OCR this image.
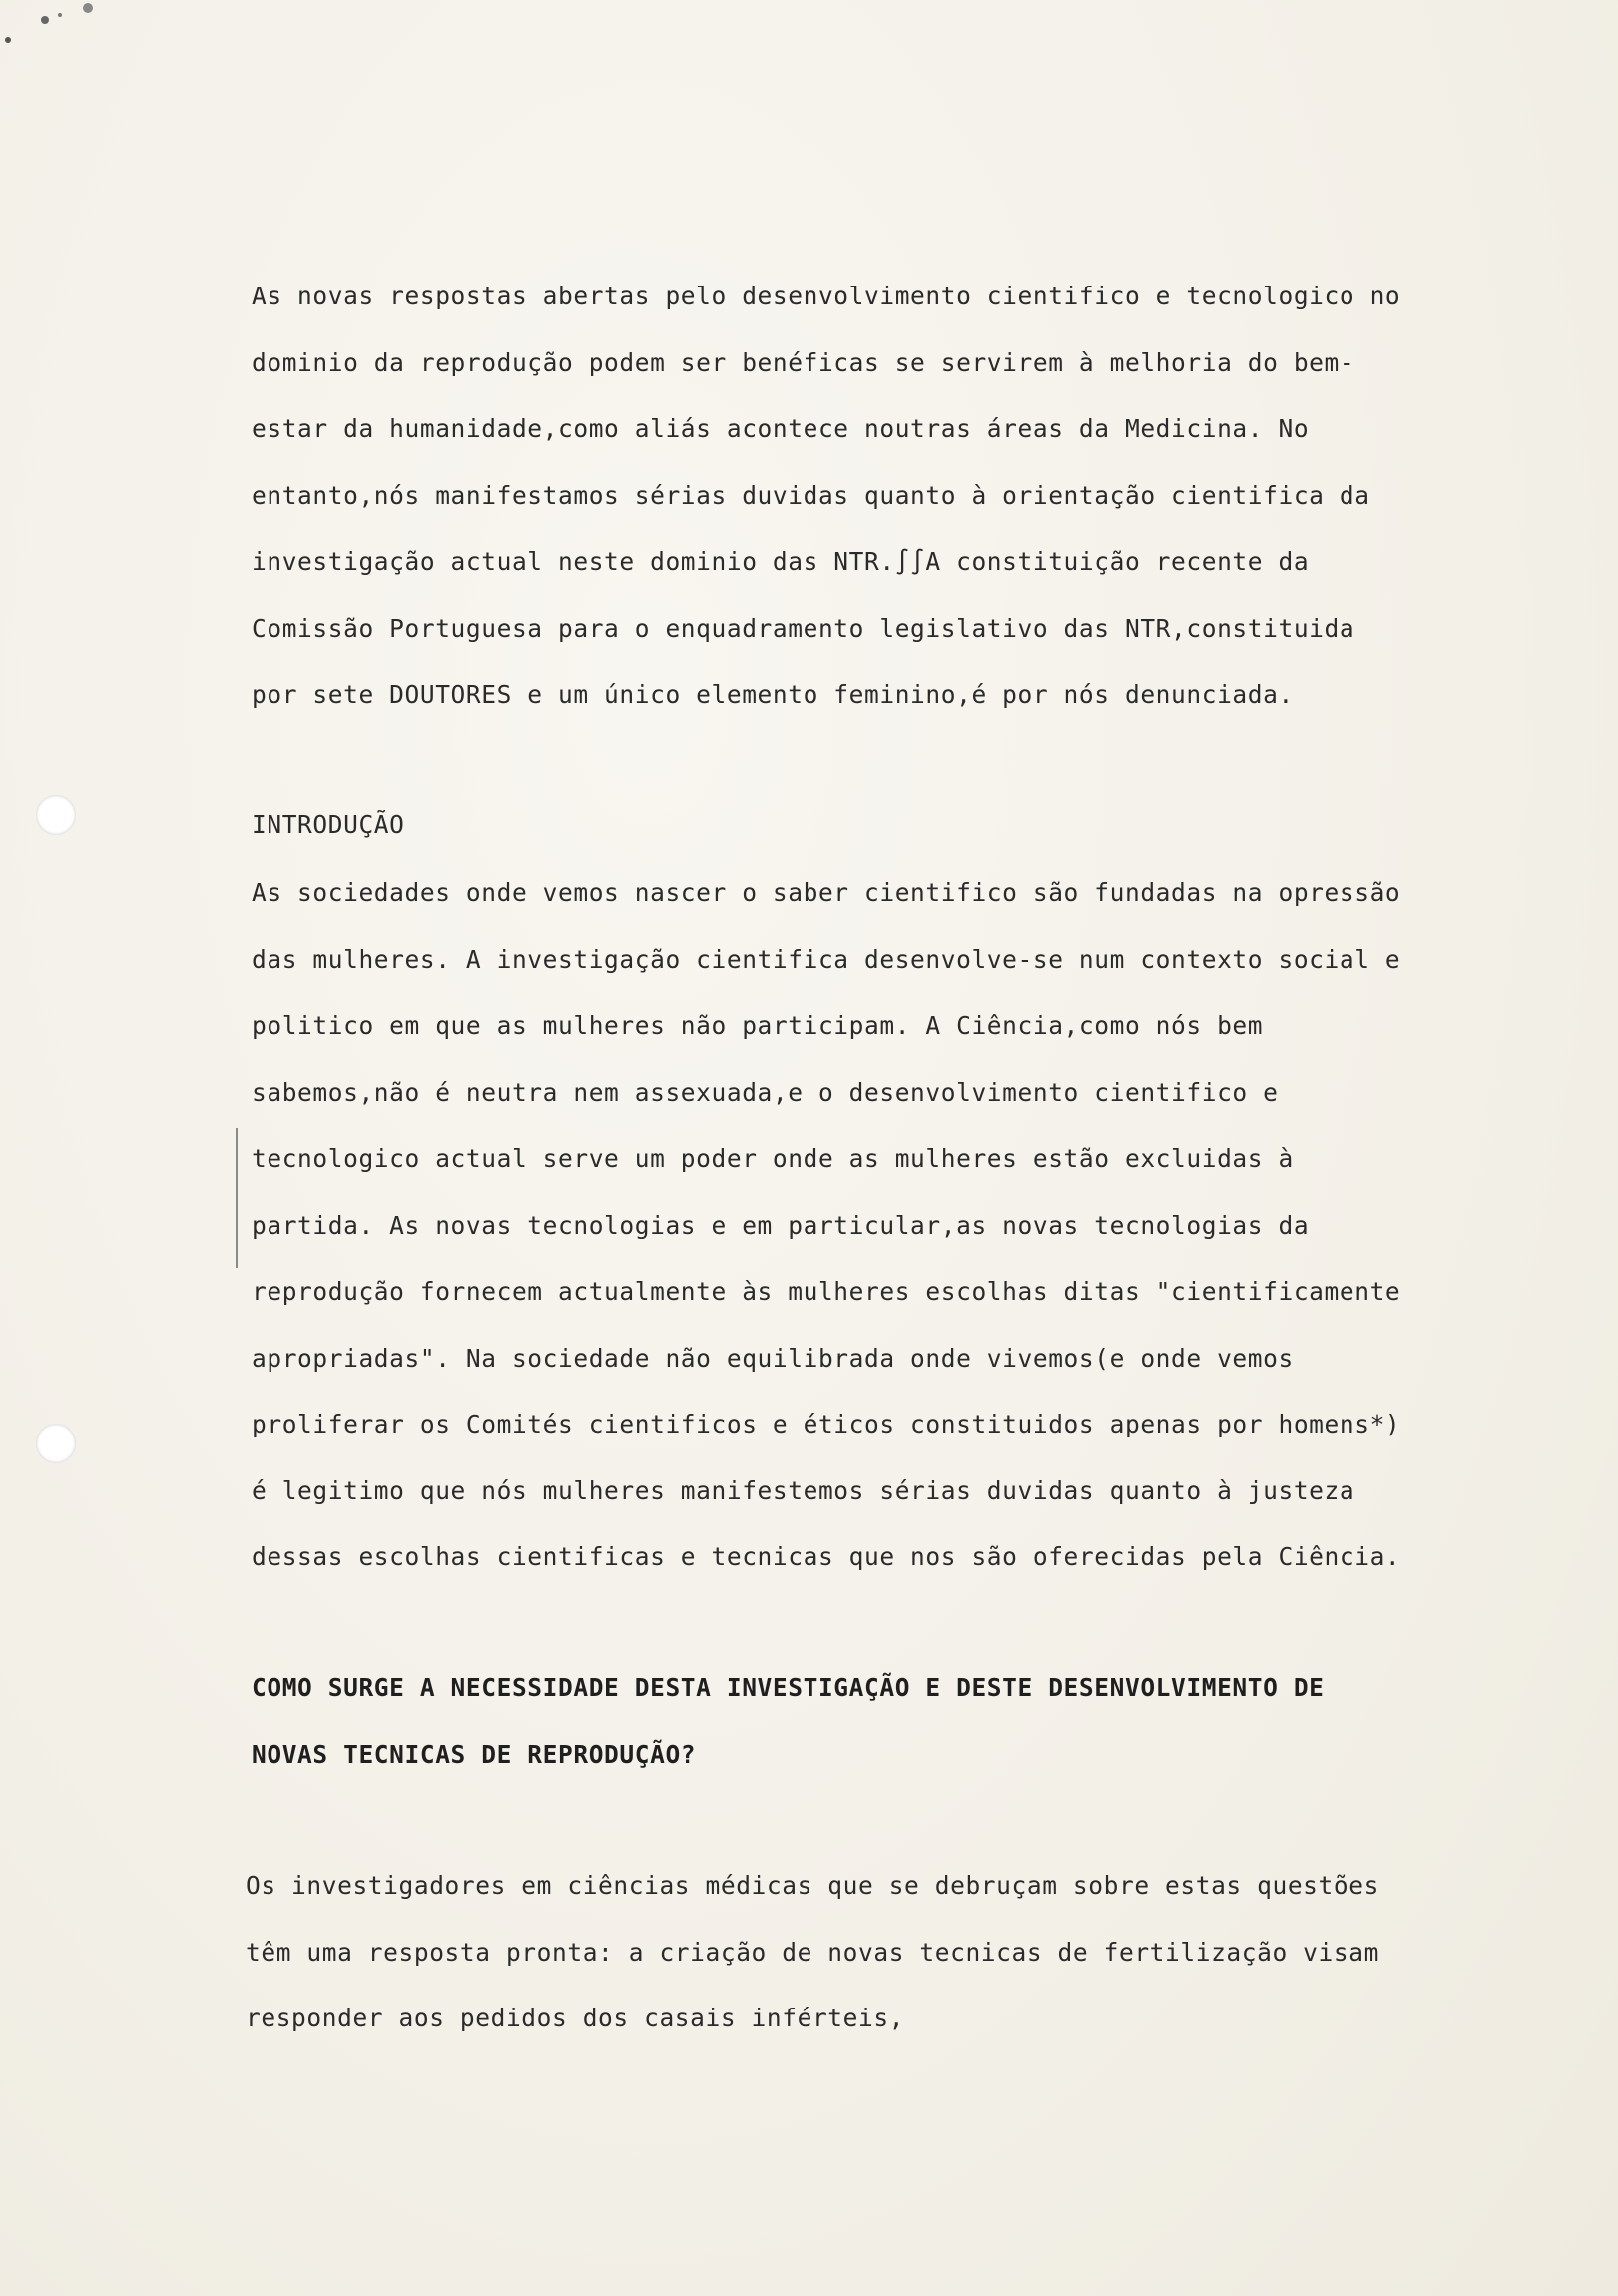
As novas respostas abertas pelo desenvolvimento cientifico e tecnologico no
dominio da reprodução podem ser benéficas se servirem à melhoria do bem-
estar da humanidade,como aliás acontece noutras áreas da Medicina. No
entanto,nós manifestamos sérias duvidas quanto à orientação cientifica da
investigação actual neste dominio das NTR.∫∫A constituição recente da
Comissão Portuguesa para o enquadramento legislativo das NTR,constituida
por sete DOUTORES e um único elemento feminino,é por nós denunciada.
INTRODUÇÃO
As sociedades onde vemos nascer o saber cientifico são fundadas na opressão
das mulheres. A investigação cientifica desenvolve-se num contexto social e
politico em que as mulheres não participam. A Ciência,como nós bem
sabemos,não é neutra nem assexuada,e o desenvolvimento cientifico e
tecnologico actual serve um poder onde as mulheres estão excluidas à
partida. As novas tecnologias e em particular,as novas tecnologias da
reprodução fornecem actualmente às mulheres escolhas ditas "cientificamente
apropriadas". Na sociedade não equilibrada onde vivemos(e onde vemos
proliferar os Comités cientificos e éticos constituidos apenas por homens*)
é legitimo que nós mulheres manifestemos sérias duvidas quanto à justeza
dessas escolhas cientificas e tecnicas que nos são oferecidas pela Ciência.
COMO SURGE A NECESSIDADE DESTA INVESTIGAÇÃO E DESTE DESENVOLVIMENTO DE
NOVAS TECNICAS DE REPRODUÇÃO?
Os investigadores em ciências médicas que se debruçam sobre estas questões
têm uma resposta pronta: a criação de novas tecnicas de fertilização visam
responder aos pedidos dos casais inférteis,
